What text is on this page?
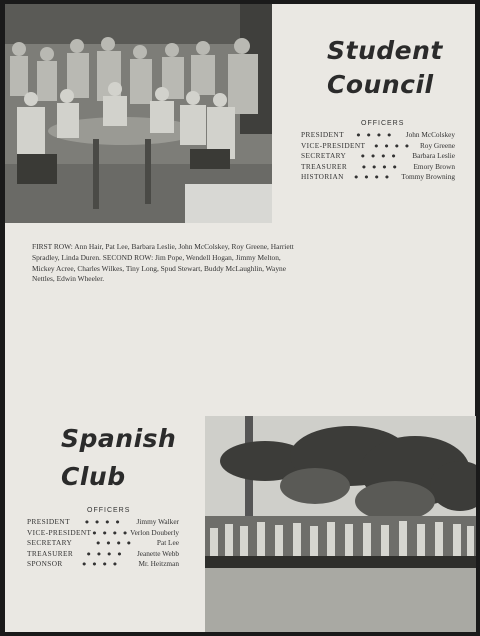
Student
Council
OFFICERS
PRESIDENT	● ● ● ●	John McColskey
VICE-PRESIDENT	● ● ● ●	Roy Greene
SECRETARY	● ● ● ●	Barbara Leslie
TREASURER	● ● ● ●	Emory Brown
HISTORIAN	● ● ● ●	Tommy Browning
FIRST ROW: Ann Hair, Pat Lee, Barbara Leslie, John McColskey, Roy Greene, Harriett Spradley, Linda Duren. SECOND ROW: Jim Pope, Wendell Hogan, Jimmy Melton, Mickey Acree, Charles Wilkes, Tiny Long, Spud Stewart, Buddy McLaughlin, Wayne Nettles, Edwin Wheeler.
Spanish
Club
OFFICERS
PRESIDENT	● ● ● ●	Jimmy Walker
VICE-PRESIDENT ● ● ● ● Verlon Douberly
SECRETARY	● ● ● ●	Pat Lee
TREASURER	● ● ● ●	Jeanette Webb
SPONSOR	● ● ● ●	Mr. Heitzman
